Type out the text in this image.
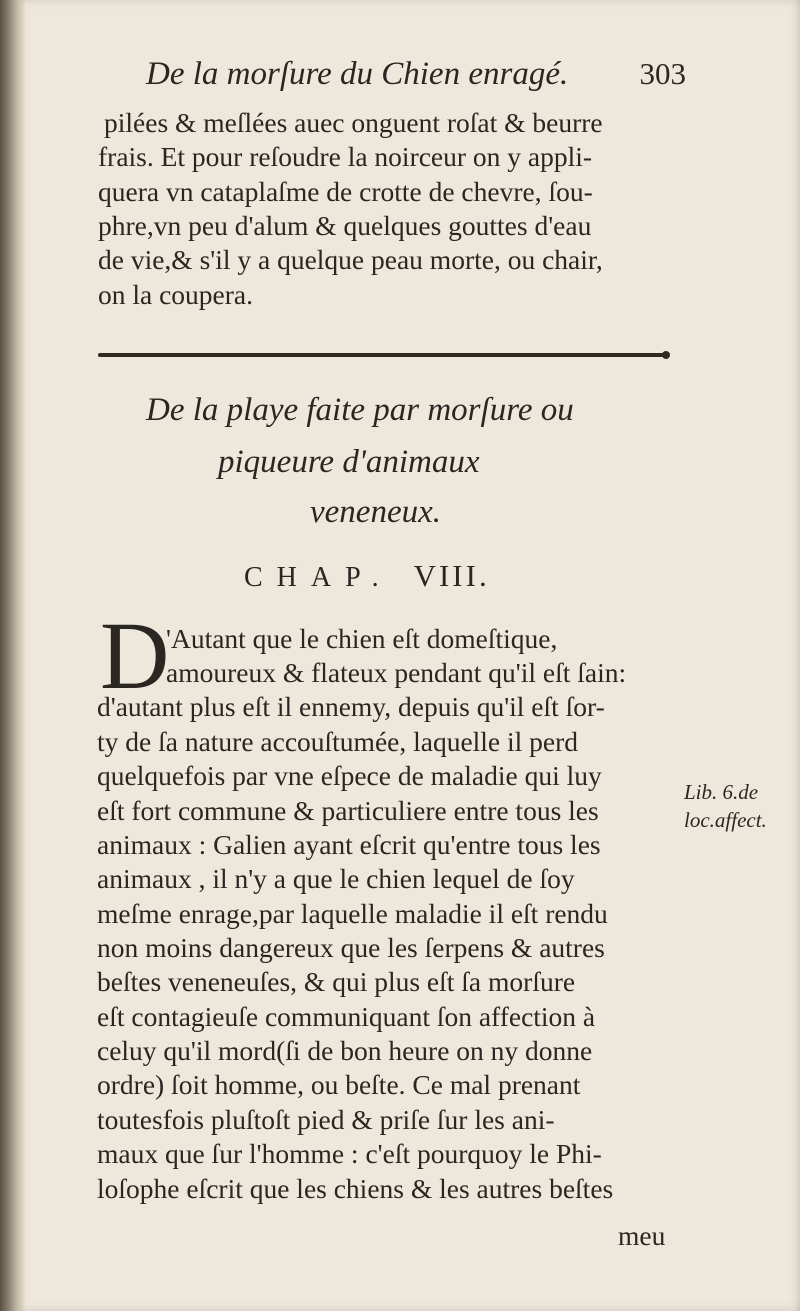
De la morſure du Chien enragé. 303

pilées & meſlées auec onguent roſat & beurre

frais. Et pour reſoudre la noirceur on y appli-

quera vn cataplaſme de crotte de chevre, ſou-

phre,vn peu d'alum & quelques gouttes d'eau

de vie,& s'il y a quelque peau morte, ou chair,

on la coupera.

De la playe faite par morſure ou
piqueure d'animaux
veneneux.
CHAP. VIII.
D

'Autant que le chien eſt domeſtique,

amoureux & flateux pendant qu'il eſt ſain:

d'autant plus eſt il ennemy, depuis qu'il eſt ſor-

ty de ſa nature accouſtumée, laquelle il perd

quelquefois par vne eſpece de maladie qui luy

eſt fort commune & particuliere entre tous les

animaux : Galien ayant eſcrit qu'entre tous les

animaux , il n'y a que le chien lequel de ſoy

meſme enrage,par laquelle maladie il eſt rendu

non moins dangereux que les ſerpens & autres

beſtes veneneuſes, & qui plus eſt ſa morſure

eſt contagieuſe communiquant ſon affection à

celuy qu'il mord(ſi de bon heure on ny donne

ordre) ſoit homme, ou beſte. Ce mal prenant

toutesfois pluſtoſt pied & priſe ſur les ani-

maux que ſur l'homme : c'eſt pourquoy le Phi-

loſophe eſcrit que les chiens & les autres beſtes

Lib. 6.de
loc.affect.
meu
